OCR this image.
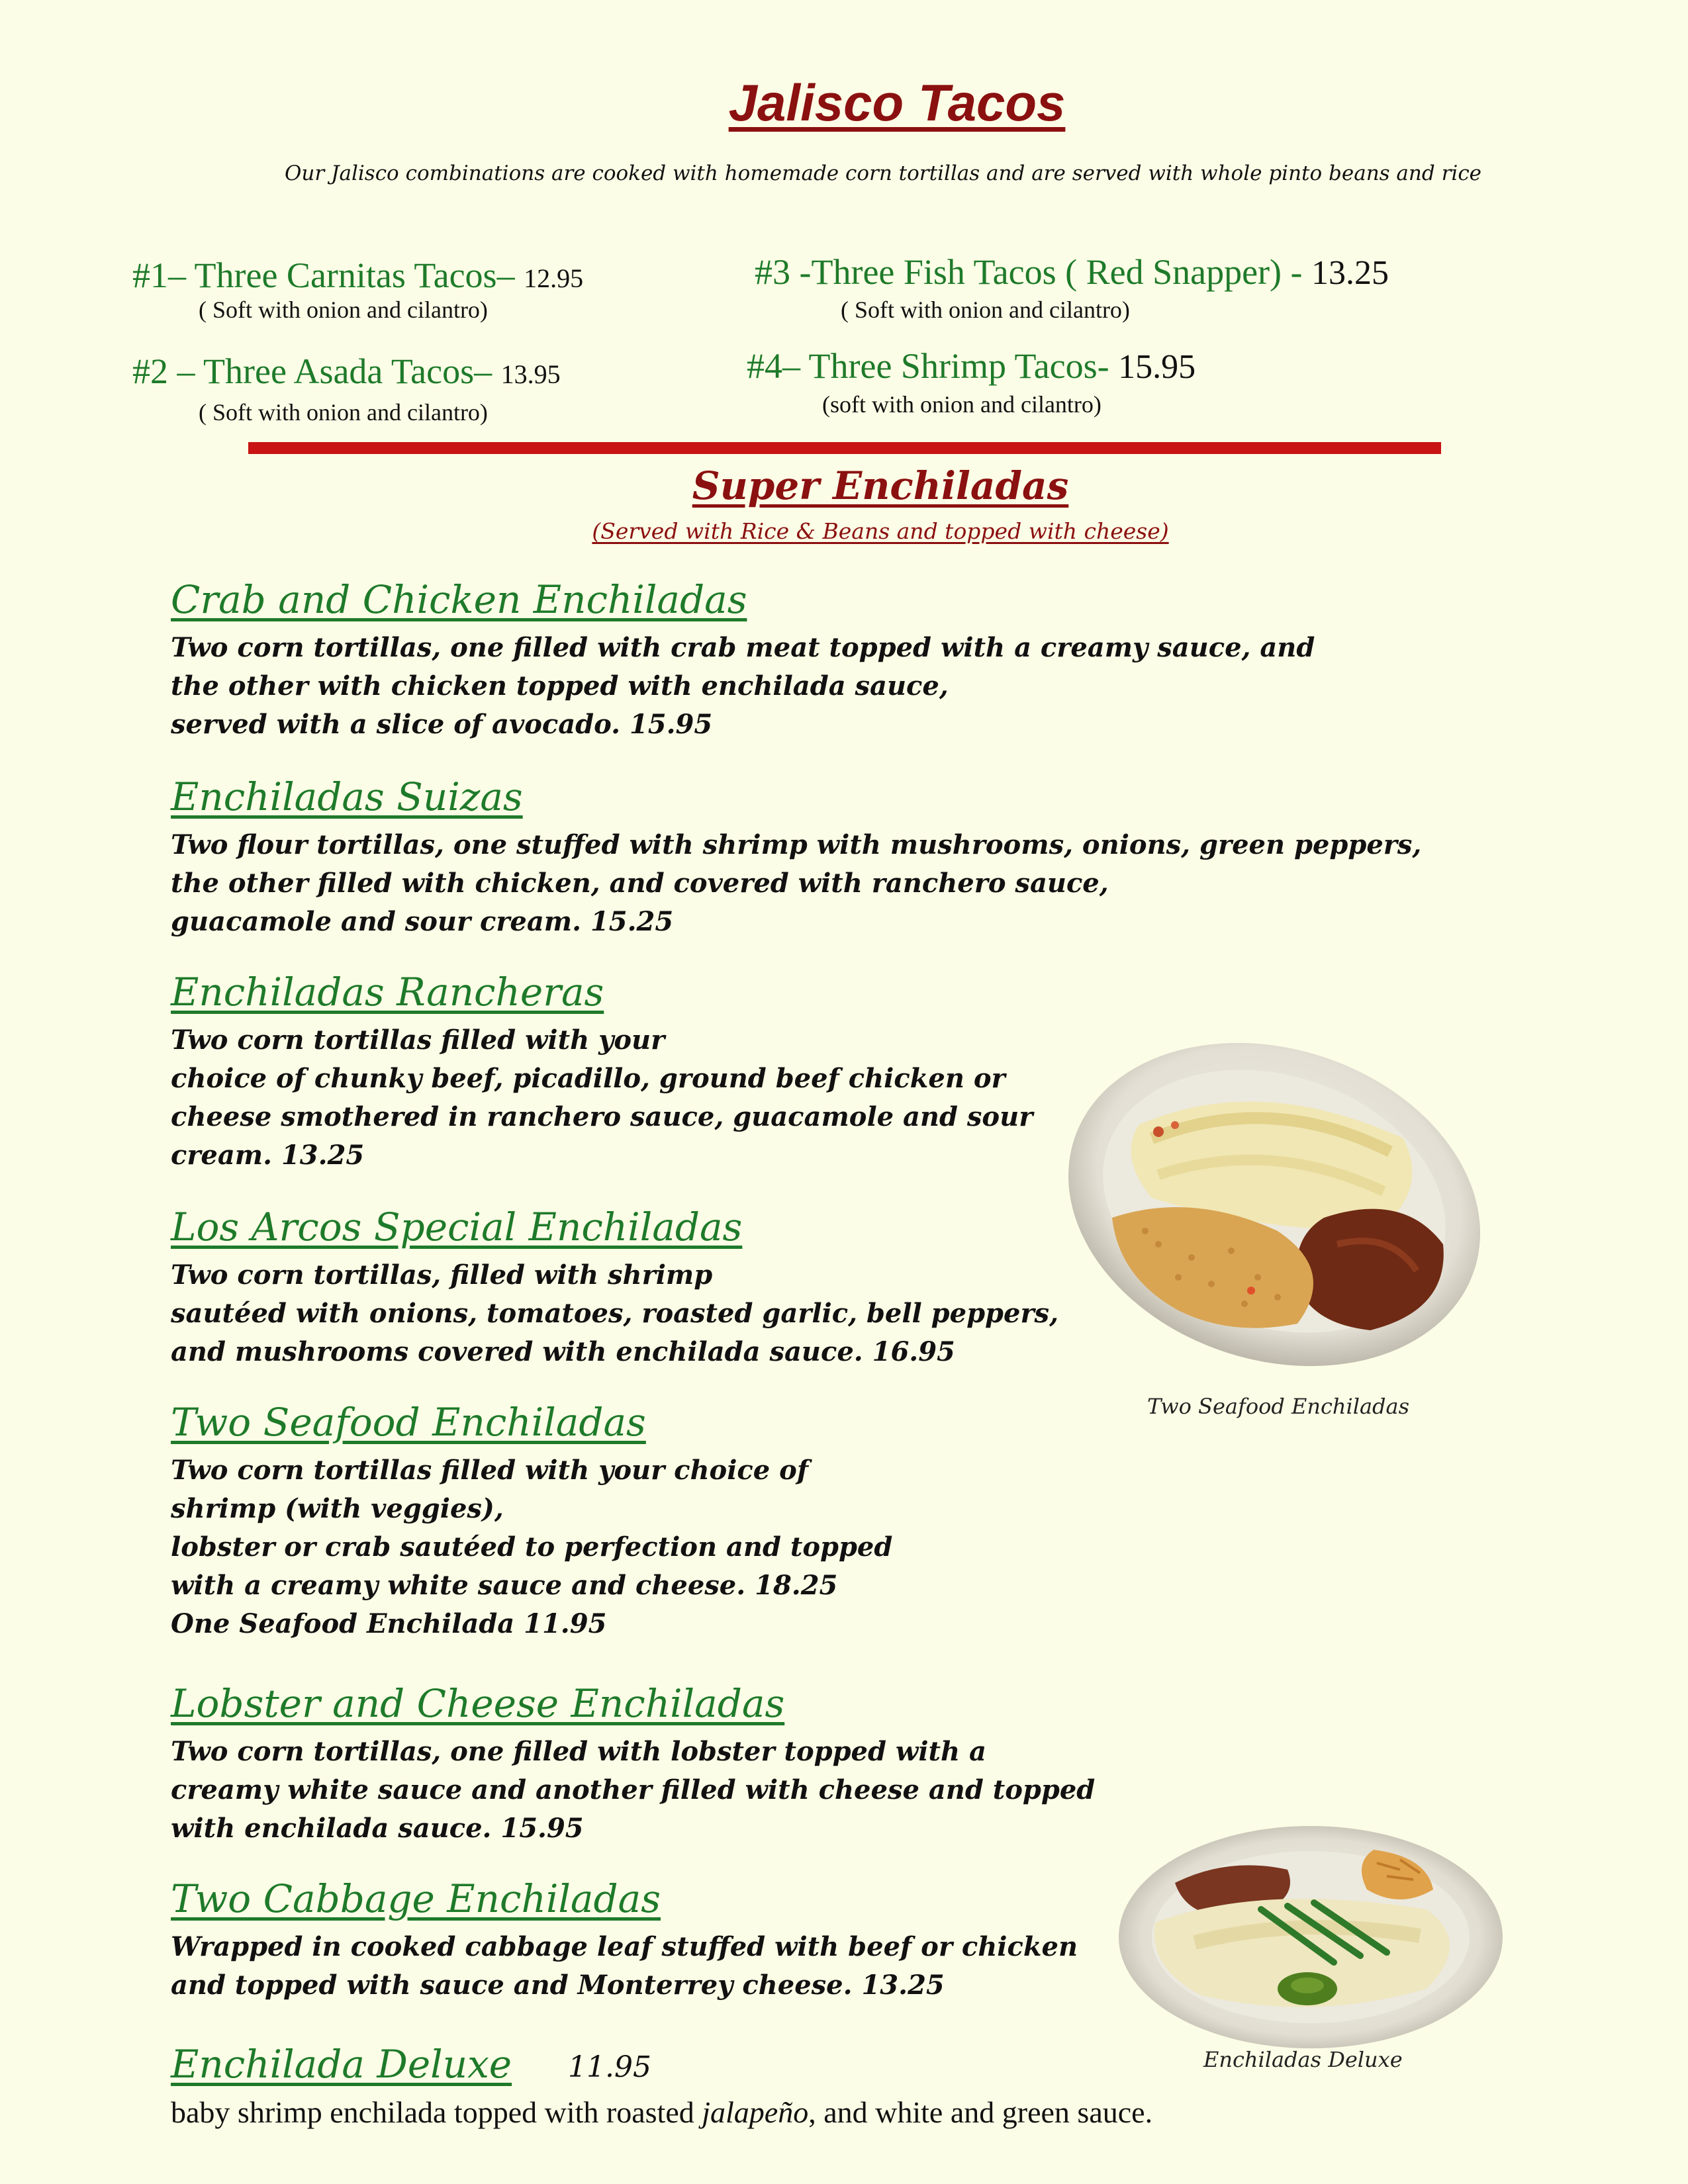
Jalisco Tacos
Our Jalisco combinations are cooked with homemade corn tortillas and are served with whole pinto beans and rice
#1– Three Carnitas Tacos– 12.95
( Soft with onion and cilantro)
#2 – Three Asada Tacos– 13.95
( Soft with onion and cilantro)
#3 -Three Fish Tacos ( Red Snapper) - 13.25
( Soft with onion and cilantro)
#4– Three Shrimp Tacos- 15.95
(soft with onion and cilantro)
Super Enchiladas
(Served with Rice & Beans and topped with cheese)
Crab and Chicken Enchiladas
Two corn tortillas, one filled with crab meat topped with a creamy sauce, and
the other with chicken topped with enchilada sauce,
served with a slice of avocado. 15.95
Enchiladas Suizas
Two flour tortillas, one stuffed with shrimp with mushrooms, onions, green peppers,
the other filled with chicken, and covered with ranchero sauce,
guacamole and sour cream. 15.25
Enchiladas Rancheras
Two corn tortillas filled with your
choice of chunky beef, picadillo, ground beef chicken or
cheese smothered in ranchero sauce, guacamole and sour
cream. 13.25
Los Arcos Special Enchiladas
Two corn tortillas, filled with shrimp
sautéed with onions, tomatoes, roasted garlic, bell peppers,
and mushrooms covered with enchilada sauce. 16.95
Two Seafood Enchiladas
Two corn tortillas filled with your choice of
shrimp (with veggies),
lobster or crab sautéed to perfection and topped
with a creamy white sauce and cheese. 18.25
One Seafood Enchilada 11.95
Lobster and Cheese Enchiladas
Two corn tortillas, one filled with lobster topped with a
creamy white sauce and another filled with cheese and topped
with enchilada sauce. 15.95
Two Cabbage Enchiladas
Wrapped in cooked cabbage leaf stuffed with beef or chicken
and topped with sauce and Monterrey cheese. 13.25
Enchilada Deluxe 11.95
baby shrimp enchilada topped with roasted jalapeño, and white and green sauce.
Two Seafood Enchiladas
Enchiladas Deluxe
